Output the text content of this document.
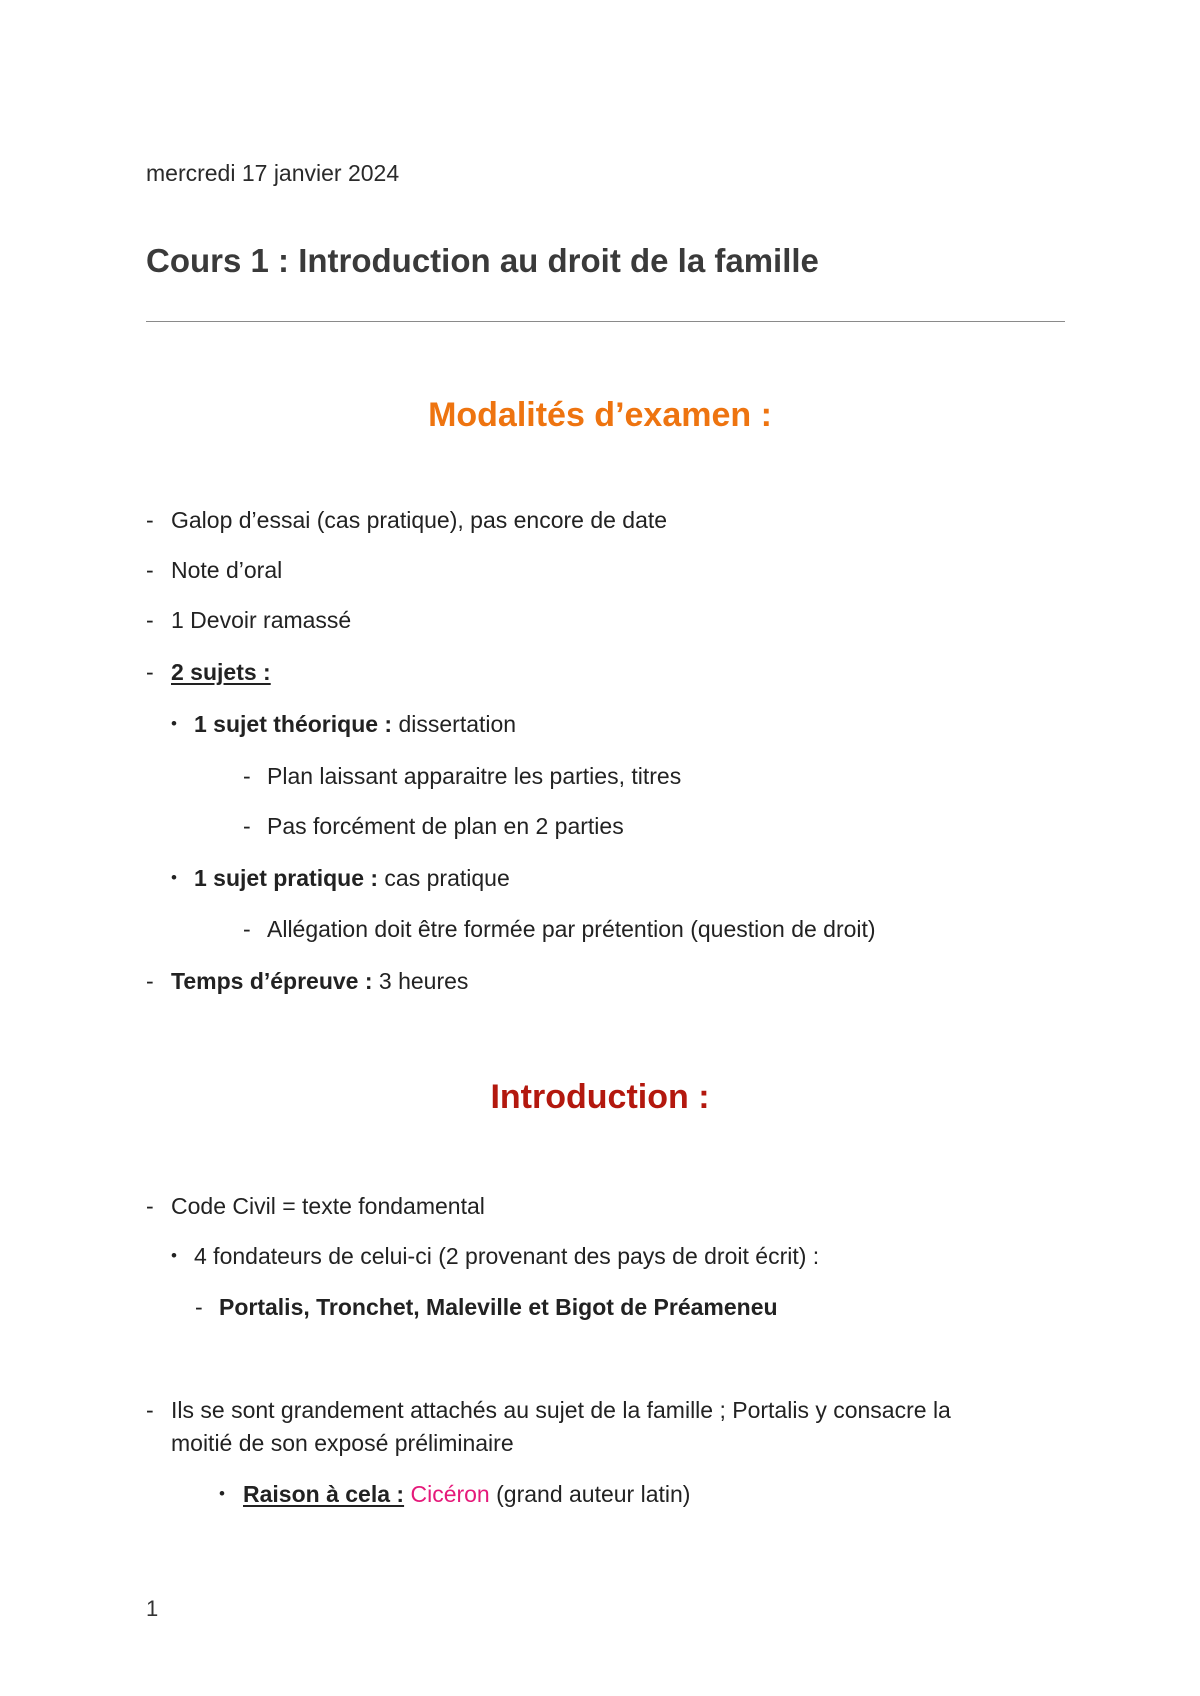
mercredi 17 janvier 2024
Cours 1 : Introduction au droit de la famille
Modalités d’examen :
- Galop d’essai (cas pratique), pas encore de date
- Note d’oral
- 1 Devoir ramassé
- 2 sujets :
• 1 sujet théorique : dissertation
- Plan laissant apparaitre les parties, titres
- Pas forcément de plan en 2 parties
• 1 sujet pratique : cas pratique
- Allégation doit être formée par prétention (question de droit)
- Temps d’épreuve : 3 heures
Introduction :
- Code Civil = texte fondamental
• 4 fondateurs de celui-ci (2 provenant des pays de droit écrit) :
- Portalis, Tronchet, Maleville et Bigot de Préameneu
- Ils se sont grandement attachés au sujet de la famille ; Portalis y consacre la
moitié de son exposé préliminaire
• Raison à cela : Cicéron (grand auteur latin)
1
